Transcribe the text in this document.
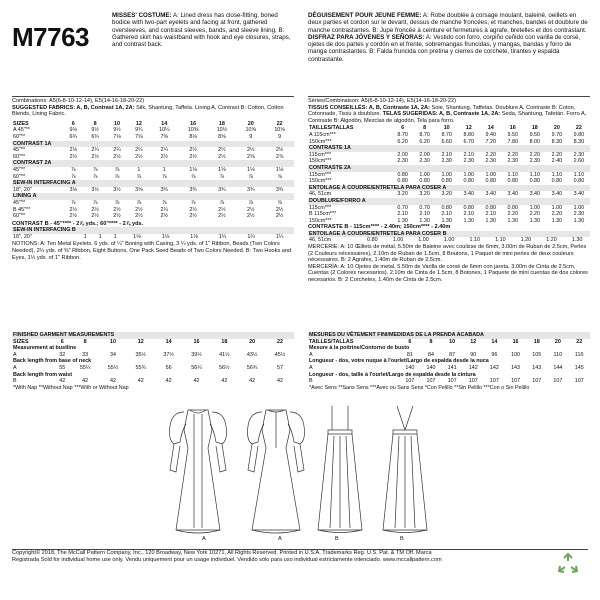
M7763
MISSES' COSTUME: A: Lined dress has close-fitting, boned bodice with two-part eyelets and facing at front, gathered oversleeves, and contrast sleeves, bands, and sleeve lining. B: Gathered skirt has waistband with hook and eye closures, straps, and contrast back.
DÉGUISEMENT POUR JEUNE FEMME: A: Robe doublée à corsage moulant, baleiné, oeillets en deux parties et cordon sur le devant, dessus de manche froncées, et manches, bandes et doublure de manche contrastantes. B: Jupe froncée à ceinture et fermetures à agrafe, bretelles et dos contrastant. DISFRAZ PARA JÓVENES Y SEÑORAS: A: Vestido con forro, corpiño ceñido con varilla de corsé, ojetes de dos partes y cordón en el frente, sobremangas fruncidas, y mangas, bandas y forro de manga contrastantes. B: Falda fruncida con pretina y cierres de corchete, tirantes y espalda contrastante.
Combinations: A5(6-8-10-12-14), E5(14-16-18-20-22)
SUGGESTED FABRICS: A, B, Contrast 1A, 2A: Silk, Shantung, Taffeta. Lining A, Contrast B: Cotton, Cotton Blends, Lining Fabric.
SIZES	6	8	10	12	14	16	18	20	22
A 45"**	9⅛	9½	9½	9¾	10¼	10⅜	10½	10⅝	10⅝
60"**	6¾	6¾	7⅛	7⅛	7⅜	8⅛	8⅝	9	9
CONTRAST 1A									
45"**	2⅛	2¼	2¼	2¼	2¼	2½	2½	2½	2½
60"**	2½	2½	2½	2½	2½	2½	2½	2⅝	2⅞
CONTRAST 2A									
45"**	⅞	⅞	⅞	1	1	1⅛	1⅛	1⅛	1⅛
60"**	⅞	⅞	⅞	⅞	⅞	⅞	⅞	⅞	⅞
SEW-IN INTERFACING A									
18", 20"	3⅛	3½	3½	3⅝	3¾	3¾	3¾	3¾	3¾
LINING A									
45"**	⅞	⅞	⅞	⅞	⅞	⅞	⅞	⅞	⅞
B 45"**	2½	2½	2½	2½	2¼	2½	2½	2½	2½
60"**	2½	2½	2½	2½	2½	2½	2½	2½	2½
CONTRAST B - 45"**** - 2⅞ yds.; 60"**** - 2⅞ yds.
SEW-IN INTERFACING B
18", 20"	1	1	1	1⅛	1⅛	1⅛	1¼	1¼	1¼
NOTIONS: A: Ten Metal Eyelets, 6 yds. of ¼" Boning with Casing, 3 ¼ yds. of 1" Ribbon, Beads (Two Colors Needed), 2¼ yds. of ⅜" Ribbon, Eight Buttons, One Pack Seed Beads of Two Colors Needed. B: Two Hooks and Eyes, 1½ yds. of 1" Ribbon.
Séries/Combinaison: A5(6-8-10-12-14), E5(14-16-18-20-22)
TISSUS CONSEILLÉS: A, B, Contraste 1A, 2A: Soie, Shantung, Taffetas. Doublure A, Contraste B: Coton, Cotonnade, Tissu à doublure. TELAS SUGERIDAS: A, B, Contraste 1A, 2A: Seda, Shantung, Tafetán. Forro A, Contraste B: Algodón, Mezclas de algodón, Tela para forro.
TAILLES/TALLAS	6	8	10	12	14	16	18	20	22
A 115cm***	8.70	8.70	8.70	8.80	9.40	9.50	9.50	9.70	9.80
150cm***	6.20	6.20	6.60	6.70	7.20	7.80	8.00	8.30	8.30
CONTRASTE 1A									
115cm***	2.00	2.00	2.10	2.10	2.20	2.20	2.20	2.20	2.30
150cm***	2.30	2.30	2.30	2.30	2.30	2.30	2.30	2.40	2.60
CONTRASTE 2A									
115cm***	0.80	1.00	1.00	1.00	1.00	1.10	1.10	1.10	1.10
150cm***	0.80	0.80	0.80	0.80	0.80	0.80	0.80	0.80	0.80
ENTOILAGE À COUDRE/ENTRETELA PARA COSER A									
46, 51cm	3.20	3.20	3.20	3.40	3.40	3.40	3.40	3.40	3.40
DOUBLURE/FORRO A									
115cm***	0.70	0.70	0.80	0.80	0.80	0.80	1.00	1.00	1.00
B 115cm***	2.10	2.10	2.10	2.10	2.10	2.20	2.20	2.20	2.30
150cm***	1.30	1.30	1.30	1.30	1.30	1.30	1.30	1.30	1.30
CONTRASTE B - 115cm**** - 2.40m; 150cm**** - 2.40m
ENTOILAGE À COUDRE/ENTRETELA PARA COSER B
46, 51cm	0.80	1.00	1.00	1.00	1.10	1.10	1.20	1.20	1.30
MERCERIE: A: 10 Œillets de métal, 5.50m de Baleine avec coulisse de 6mm, 3.00m de Ruban de 2.5cm, Perles (2 Couleurs nécessaires), 2.10m de Ruban de 1.5cm, 8 Boutons, 1 Paquet de mini perles de deux couleurs nécessaires. B: 2 Agrafes, 1.40m de Ruban de 2.5cm.
MERCERÍA: A: 10 Ojetes de metal, 5.50m de Varilla de corsé de 6mm con jareta, 3.00m de Cinta de 2.5cm, Cuentas (2 Colores necesarios), 2.10m de Cinta de 1.5cm, 8 Botones, 1 Paquete de mini cuentas de dos colores necesarios. B: 2 Corchetes, 1.40m de Cinta de 2.5cm.
FINISHED GARMENT MEASUREMENTS									
SIZES	6	8	10	12	14	16	18	20	22
Measurement at bustline									
A	32	33	34	35½	37½	39½	41½	43½	45½
Back length from base of neck									
A	55	55¼	55½	55¾	56	56¼	56½	56¾	57
Back length from waist									
B	42	42	42	42	42	42	42	42	42
*With Nap **Without Nap ***With or Without Nap									
MESURES DU VÊTEMENT FINI/MEDIDAS DE LA PRENDA ACABADA									
TAILLES/TALLAS	6	8	10	12	14	16	18	20	22
Mesure à la poitrine/Contorno de busto									
A	81	84	87	90	96	100	105	110	116
Longueur - dos, votre nuque à l'ourlet/Largo de espalda desde la nuca									
A	140	140	141	142	142	143	143	144	145
Longueur - dos, taille à l'ourlet/Largo de espalda desde la cintura									
B	107	107	107	107	107	107	107	107	107
*Avec Sens **Sans Sens ***Avec ou Sans Sens *Con Pelillo **Sin Pelillo ***Con o Sin Pelillo									
A	A	B	B
Copyright© 2018, The McCall Pattern Company, Inc., 120 Broadway, New York 10271, All Rights Reserved. Printed in U.S.A. Trademarks Reg. U.S. Pat. & TM Off. Marca
Registrada Sold for individual home use only. Vendu uniquement pour un usage individuel. Vendido sólo para uso individual estrictamente intenciado. www.mccallpattern.com
